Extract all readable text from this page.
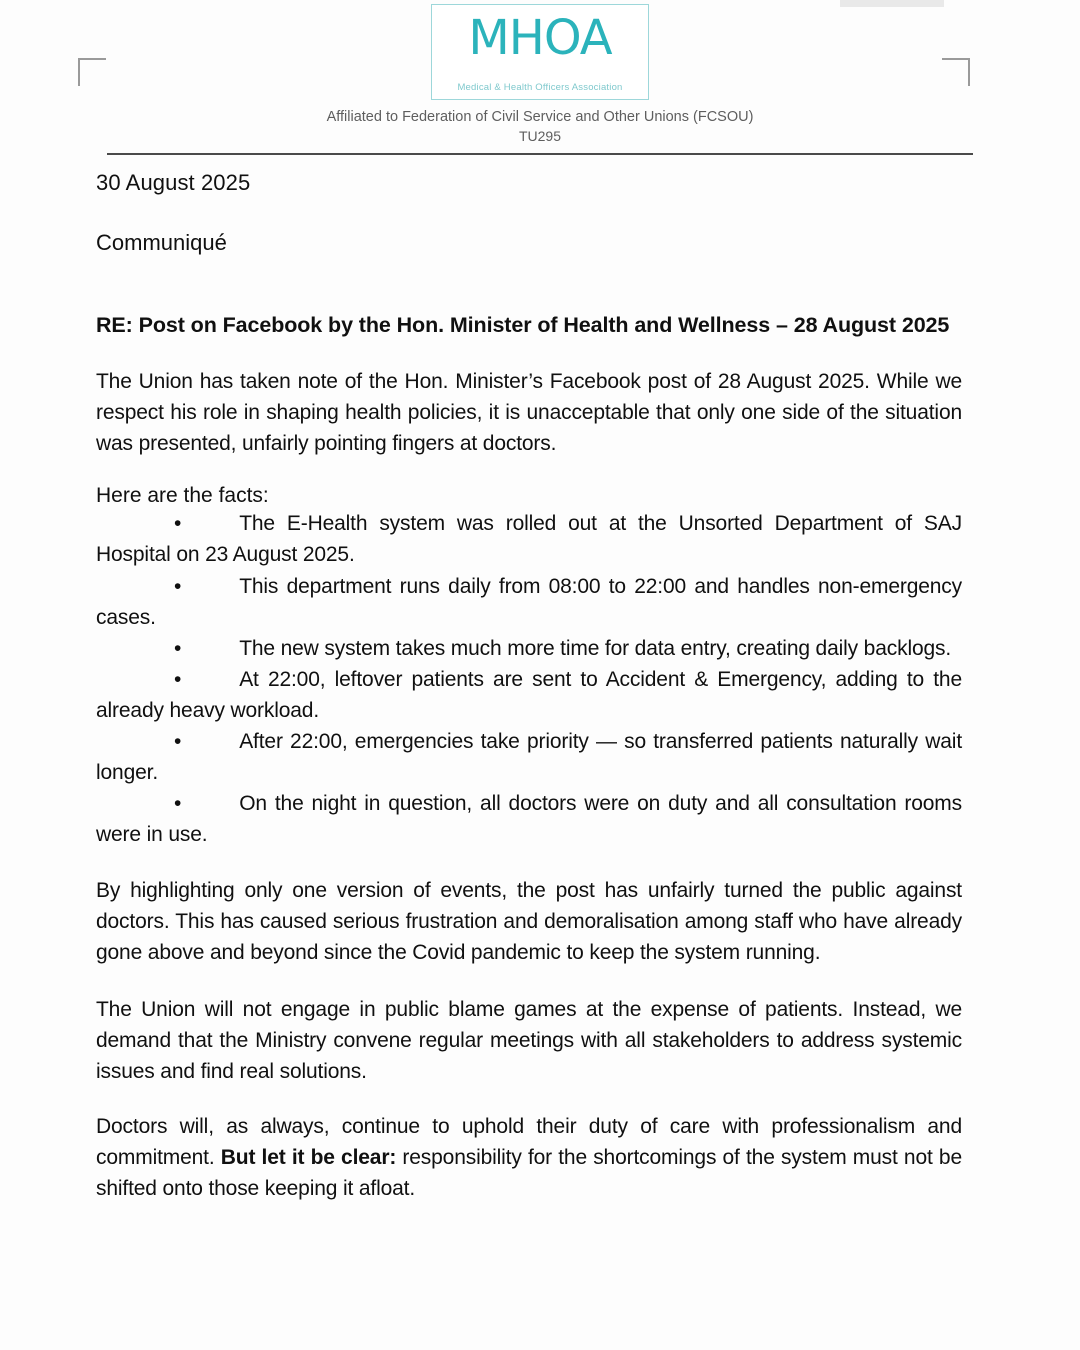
MHOA
Medical & Health Officers Association
Affiliated to Federation of Civil Service and Other Unions (FCSOU)
TU295
30 August 2025
Communiqué
RE: Post on Facebook by the Hon. Minister of Health and Wellness – 28 August 2025

The Union has taken note of the Hon. Minister’s Facebook post of 28 August 2025. While we respect his role in shaping health policies, it is unacceptable that only one side of the situation was presented, unfairly pointing fingers at doctors.

Here are the facts:

•	The E-Health system was rolled out at the Unsorted Department of SAJ Hospital on 23 August 2025.
•	This department runs daily from 08:00 to 22:00 and handles non-emergency cases.
•	The new system takes much more time for data entry, creating daily backlogs.
•	At 22:00, leftover patients are sent to Accident & Emergency, adding to the already heavy workload.
•	After 22:00, emergencies take priority — so transferred patients naturally wait longer.
•	On the night in question, all doctors were on duty and all consultation rooms were in use.

By highlighting only one version of events, the post has unfairly turned the public against doctors. This has caused serious frustration and demoralisation among staff who have already gone above and beyond since the Covid pandemic to keep the system running.

The Union will not engage in public blame games at the expense of patients. Instead, we demand that the Ministry convene regular meetings with all stakeholders to address systemic issues and find real solutions.

Doctors will, as always, continue to uphold their duty of care with professionalism and commitment. But let it be clear: responsibility for the shortcomings of the system must not be shifted onto those keeping it afloat.
